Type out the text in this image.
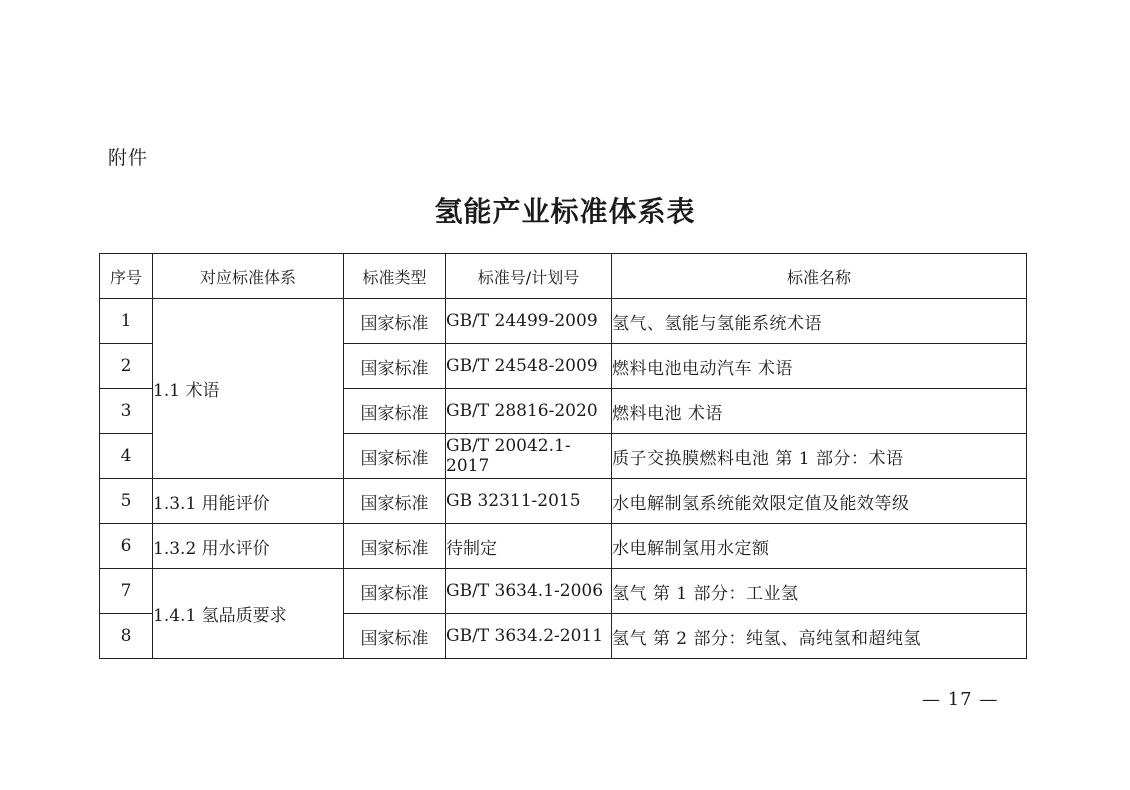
附件
氢能产业标准体系表
序号	对应标准体系	标准类型	标准号/计划号	标准名称
1	1.1 术语	国家标准	GB/T 24499-2009	氢气、氢能与氢能系统术语
2		国家标准	GB/T 24548-2009	燃料电池电动汽车 术语
3		国家标准	GB/T 28816-2020	燃料电池 术语
4		国家标准	GB/T 20042.1-2017	质子交换膜燃料电池 第 1 部分：术语
5	1.3.1 用能评价	国家标准	GB 32311-2015	水电解制氢系统能效限定值及能效等级
6	1.3.2 用水评价	国家标准	待制定	水电解制氢用水定额
7	1.4.1 氢品质要求	国家标准	GB/T 3634.1-2006	氢气 第 1 部分：工业氢
8		国家标准	GB/T 3634.2-2011	氢气 第 2 部分：纯氢、高纯氢和超纯氢
— 17 —
